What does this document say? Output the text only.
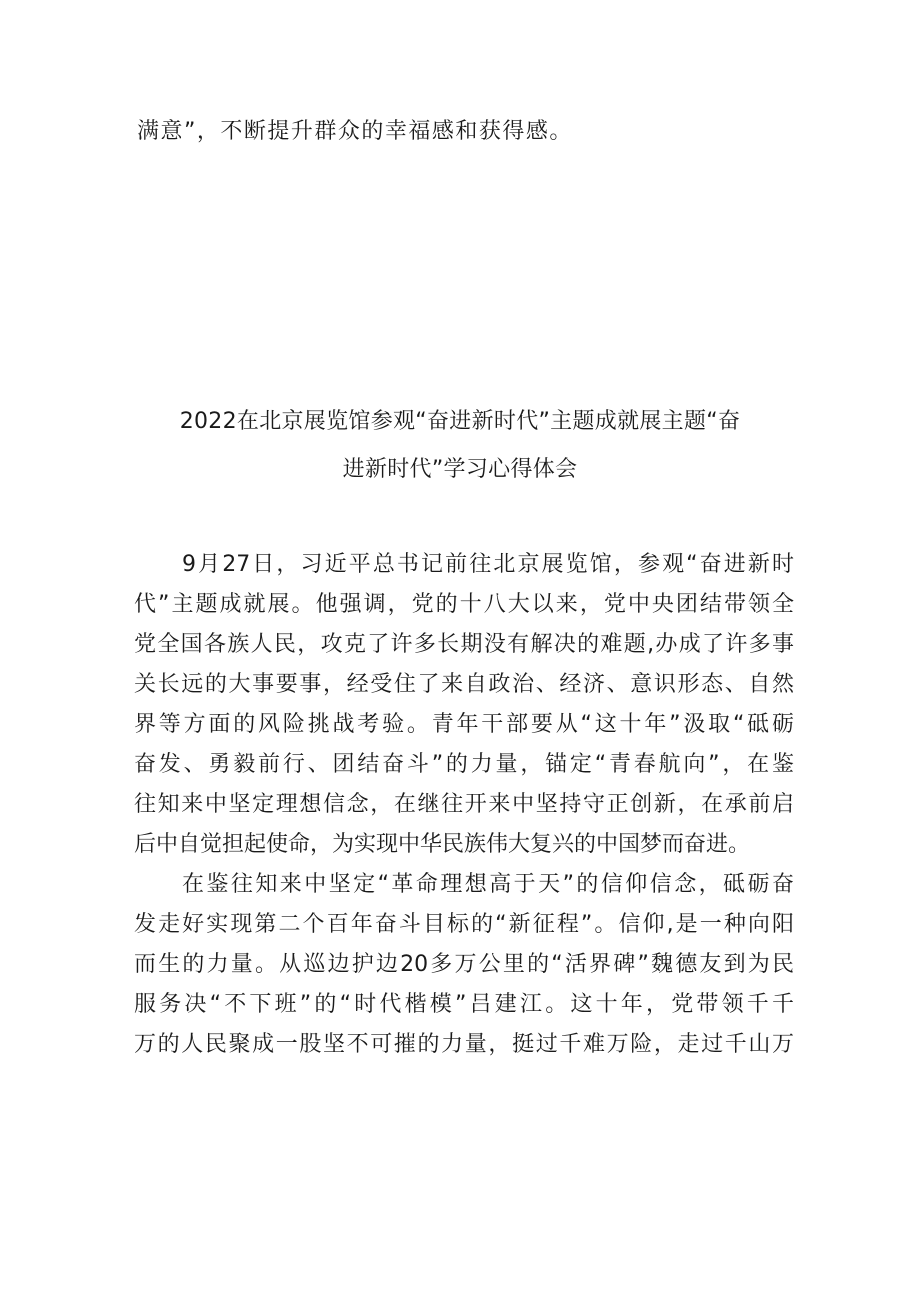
满意”，不断提升群众的幸福感和获得感。
2022在北京展览馆参观“奋进新时代”主题成就展主题“奋
进新时代”学习心得体会
9月27日，习近平总书记前往北京展览馆，参观“奋进新时
代”主题成就展。他强调，党的十八大以来，党中央团结带领全
党全国各族人民，攻克了许多长期没有解决的难题,办成了许多事
关长远的大事要事，经受住了来自政治、经济、意识形态、自然
界等方面的风险挑战考验。青年干部要从“这十年”汲取“砥砺
奋发、勇毅前行、团结奋斗”的力量，锚定“青春航向”，在鉴
往知来中坚定理想信念，在继往开来中坚持守正创新，在承前启
后中自觉担起使命，为实现中华民族伟大复兴的中国梦而奋进。
在鉴往知来中坚定“革命理想高于天”的信仰信念，砥砺奋
发走好实现第二个百年奋斗目标的“新征程”。信仰,是一种向阳
而生的力量。从巡边护边20多万公里的“活界碑”魏德友到为民
服务决“不下班”的“时代楷模”吕建江。这十年，党带领千千
万的人民聚成一股坚不可摧的力量，挺过千难万险，走过千山万
